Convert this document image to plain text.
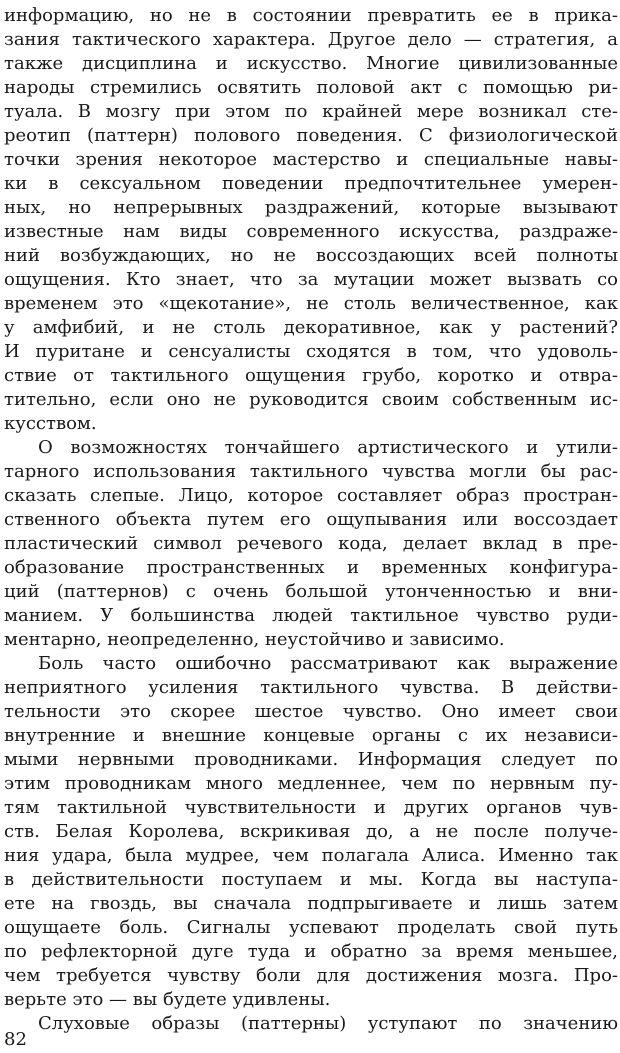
информацию, но не в состоянии превратить ее в прика-
зания тактического характера. Другое дело — стратегия, а
также дисциплина и искусство. Многие цивилизованные
народы стремились освятить половой акт с помощью ри-
туала. В мозгу при этом по крайней мере возникал сте-
реотип (паттерн) полового поведения. С физиологической
точки зрения некоторое мастерство и специальные навы-
ки в сексуальном поведении предпочтительнее умерен-
ных, но непрерывных раздражений, которые вызывают
известные нам виды современного искусства, раздраже-
ний возбуждающих, но не воссоздающих всей полноты
ощущения. Кто знает, что за мутации может вызвать со
временем это «щекотание», не столь величественное, как
у амфибий, и не столь декоративное, как у растений?
И пуритане и сенсуалисты сходятся в том, что удоволь-
ствие от тактильного ощущения грубо, коротко и отвра-
тительно, если оно не руководится своим собственным ис-
кусством.
О возможностях тончайшего артистического и утили-
тарного использования тактильного чувства могли бы рас-
сказать слепые. Лицо, которое составляет образ простран-
ственного объекта путем его ощупывания или воссоздает
пластический символ речевого кода, делает вклад в пре-
образование пространственных и временных конфигура-
ций (паттернов) с очень большой утонченностью и вни-
манием. У большинства людей тактильное чувство руди-
ментарно, неопределенно, неустойчиво и зависимо.
Боль часто ошибочно рассматривают как выражение
неприятного усиления тактильного чувства. В действи-
тельности это скорее шестое чувство. Оно имеет свои
внутренние и внешние концевые органы с их независи-
мыми нервными проводниками. Информация следует по
этим проводникам много медленнее, чем по нервным пу-
тям тактильной чувствительности и других органов чув-
ств. Белая Королева, вскрикивая до, а не после получе-
ния удара, была мудрее, чем полагала Алиса. Именно так
в действительности поступаем и мы. Когда вы наступа-
ете на гвоздь, вы сначала подпрыгиваете и лишь затем
ощущаете боль. Сигналы успевают проделать свой путь
по рефлекторной дуге туда и обратно за время меньшее,
чем требуется чувству боли для достижения мозга. Про-
верьте это — вы будете удивлены.
Слуховые образы (паттерны) уступают по значению
82
